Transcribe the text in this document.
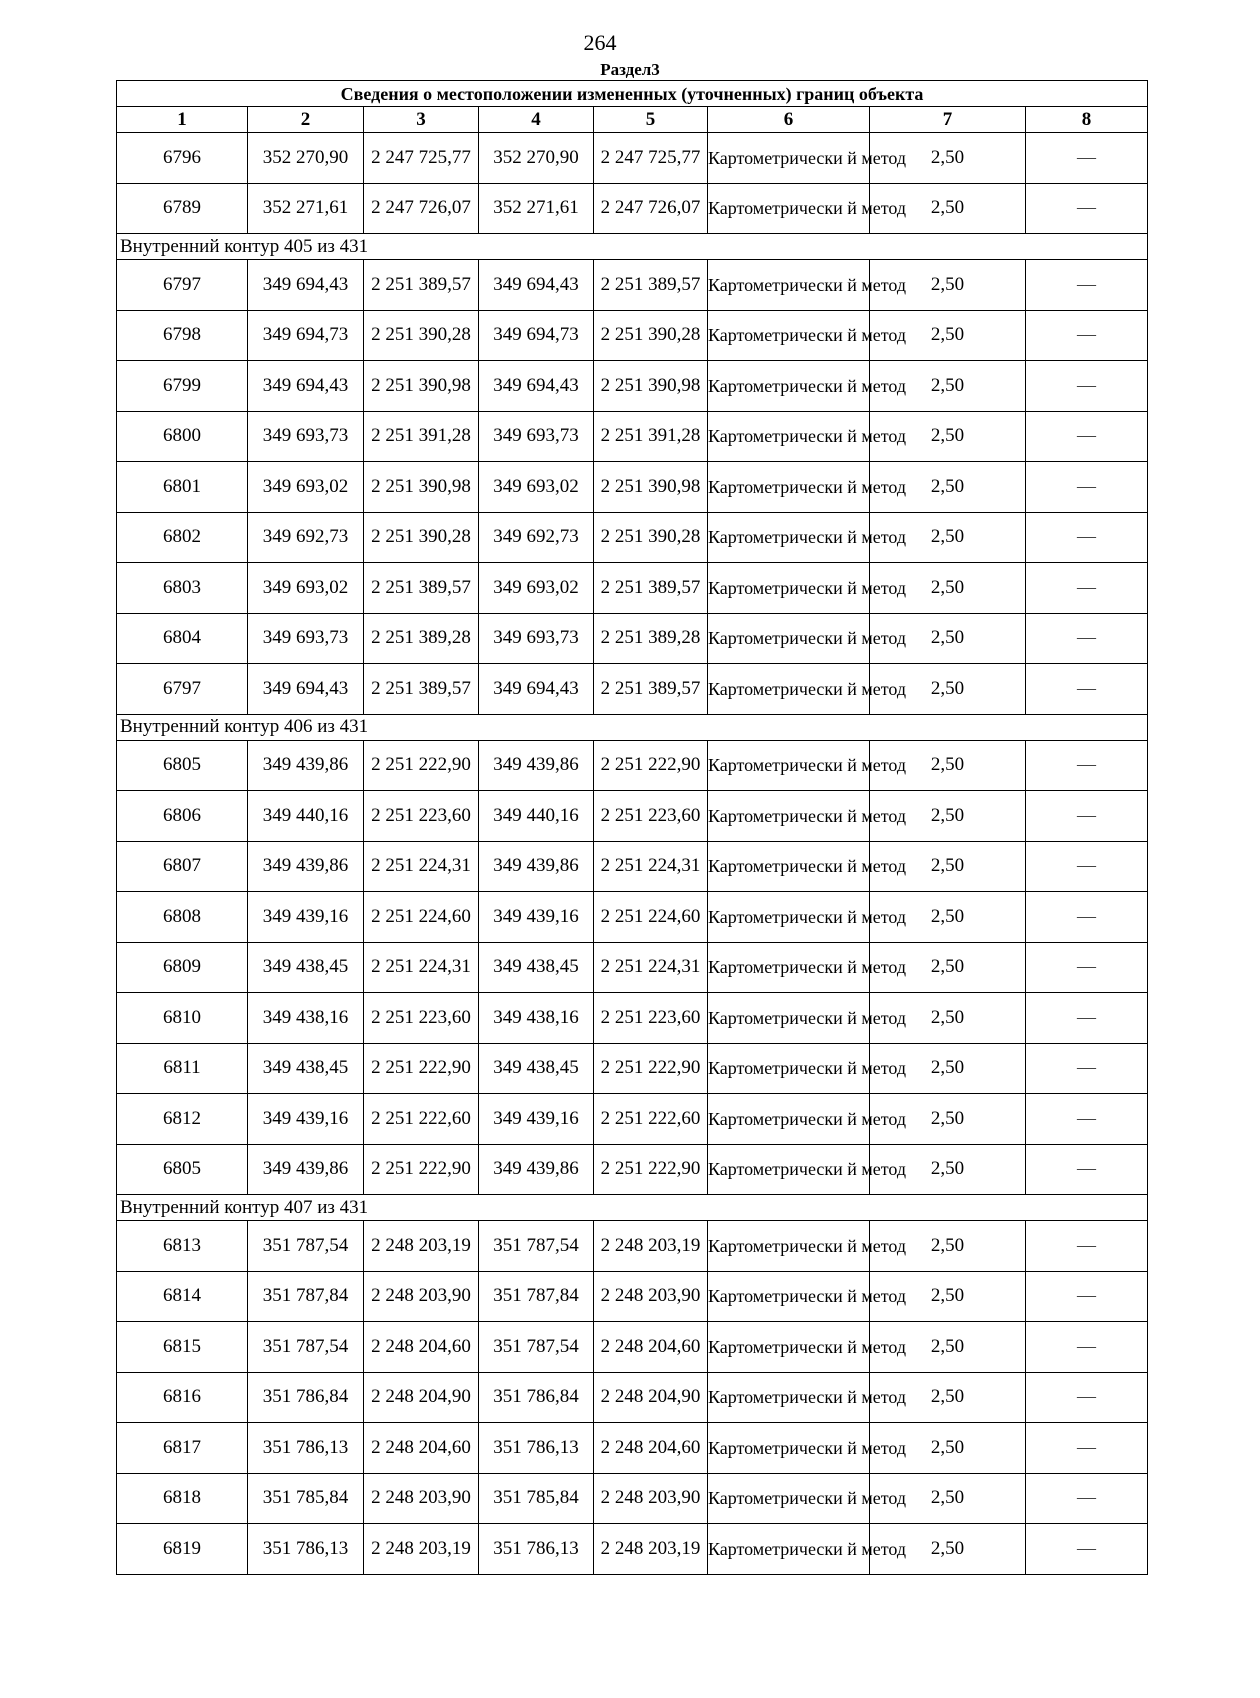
264
Раздел3
Сведения о местоположении измененных (уточненных) границ объекта							
1	2	3	4	5	6	7	8
6796	352 270,90	2 247 725,77	352 270,90	2 247 725,77	Картометрически й метод	2,50	—
6789	352 271,61	2 247 726,07	352 271,61	2 247 726,07	Картометрически й метод	2,50	—
Внутренний контур 405 из 431							
6797	349 694,43	2 251 389,57	349 694,43	2 251 389,57	Картометрически й метод	2,50	—
6798	349 694,73	2 251 390,28	349 694,73	2 251 390,28	Картометрически й метод	2,50	—
6799	349 694,43	2 251 390,98	349 694,43	2 251 390,98	Картометрически й метод	2,50	—
6800	349 693,73	2 251 391,28	349 693,73	2 251 391,28	Картометрически й метод	2,50	—
6801	349 693,02	2 251 390,98	349 693,02	2 251 390,98	Картометрически й метод	2,50	—
6802	349 692,73	2 251 390,28	349 692,73	2 251 390,28	Картометрически й метод	2,50	—
6803	349 693,02	2 251 389,57	349 693,02	2 251 389,57	Картометрически й метод	2,50	—
6804	349 693,73	2 251 389,28	349 693,73	2 251 389,28	Картометрически й метод	2,50	—
6797	349 694,43	2 251 389,57	349 694,43	2 251 389,57	Картометрически й метод	2,50	—
Внутренний контур 406 из 431							
6805	349 439,86	2 251 222,90	349 439,86	2 251 222,90	Картометрически й метод	2,50	—
6806	349 440,16	2 251 223,60	349 440,16	2 251 223,60	Картометрически й метод	2,50	—
6807	349 439,86	2 251 224,31	349 439,86	2 251 224,31	Картометрически й метод	2,50	—
6808	349 439,16	2 251 224,60	349 439,16	2 251 224,60	Картометрически й метод	2,50	—
6809	349 438,45	2 251 224,31	349 438,45	2 251 224,31	Картометрически й метод	2,50	—
6810	349 438,16	2 251 223,60	349 438,16	2 251 223,60	Картометрически й метод	2,50	—
6811	349 438,45	2 251 222,90	349 438,45	2 251 222,90	Картометрически й метод	2,50	—
6812	349 439,16	2 251 222,60	349 439,16	2 251 222,60	Картометрически й метод	2,50	—
6805	349 439,86	2 251 222,90	349 439,86	2 251 222,90	Картометрически й метод	2,50	—
Внутренний контур 407 из 431							
6813	351 787,54	2 248 203,19	351 787,54	2 248 203,19	Картометрически й метод	2,50	—
6814	351 787,84	2 248 203,90	351 787,84	2 248 203,90	Картометрически й метод	2,50	—
6815	351 787,54	2 248 204,60	351 787,54	2 248 204,60	Картометрически й метод	2,50	—
6816	351 786,84	2 248 204,90	351 786,84	2 248 204,90	Картометрически й метод	2,50	—
6817	351 786,13	2 248 204,60	351 786,13	2 248 204,60	Картометрически й метод	2,50	—
6818	351 785,84	2 248 203,90	351 785,84	2 248 203,90	Картометрически й метод	2,50	—
6819	351 786,13	2 248 203,19	351 786,13	2 248 203,19	Картометрически й метод	2,50	—
